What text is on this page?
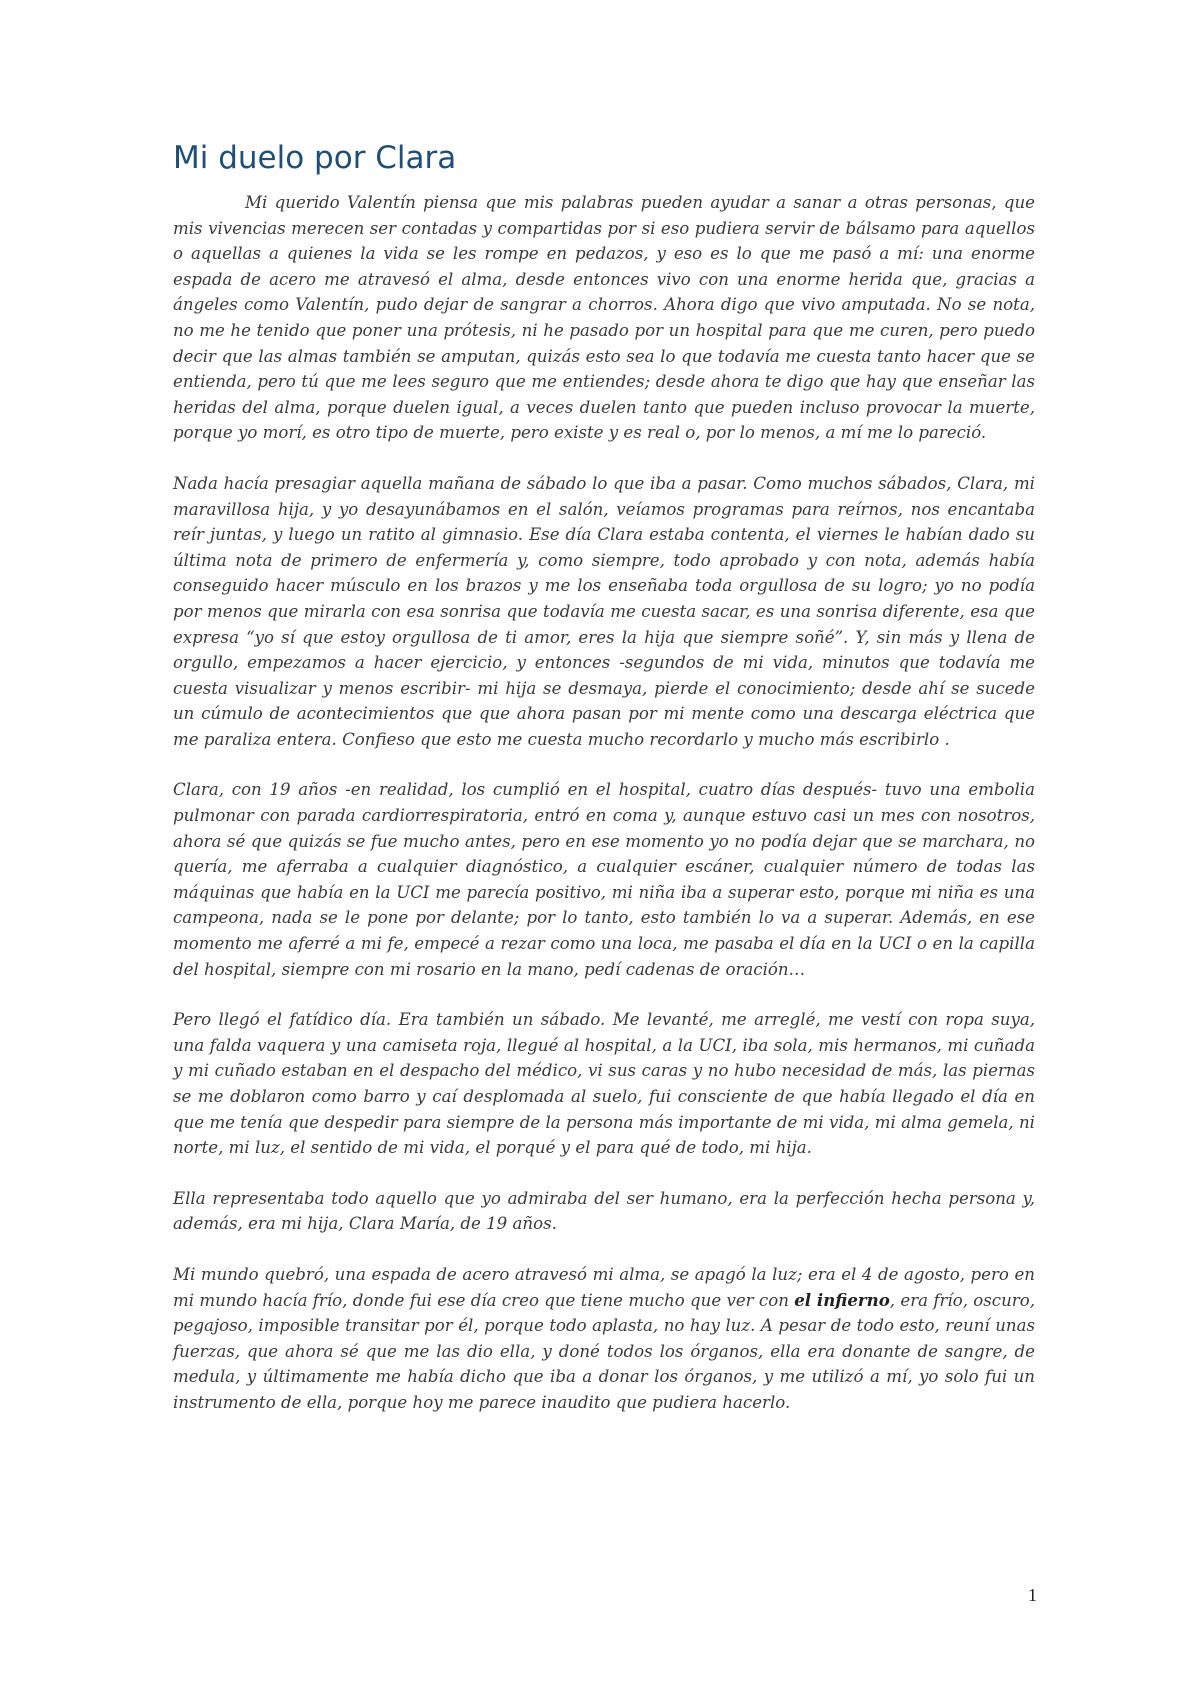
Mi duelo por Clara

Mi querido Valentín piensa que mis palabras pueden ayudar a sanar a otras personas, que mis vivencias merecen ser contadas y compartidas por si eso pudiera servir de bálsamo para aquellos o aquellas a quienes la vida se les rompe en pedazos, y eso es lo que me pasó a mí: una enorme espada de acero me atravesó el alma, desde entonces vivo con una enorme herida que, gracias a ángeles como Valentín, pudo dejar de sangrar a chorros. Ahora digo que vivo amputada. No se nota, no me he tenido que poner una prótesis, ni he pasado por un hospital para que me curen, pero puedo decir que las almas también se amputan, quizás esto sea lo que todavía me cuesta tanto hacer que se entienda, pero tú que me lees seguro que me entiendes; desde ahora te digo que hay que enseñar las heridas del alma, porque duelen igual, a veces duelen tanto que pueden incluso provocar la muerte, porque yo morí, es otro tipo de muerte, pero existe y es real o, por lo menos, a mí me lo pareció.

Nada hacía presagiar aquella mañana de sábado lo que iba a pasar. Como muchos sábados, Clara, mi maravillosa hija, y yo desayunábamos en el salón, veíamos programas para reírnos, nos encantaba reír juntas, y luego un ratito al gimnasio. Ese día Clara estaba contenta, el viernes le habían dado su última nota de primero de enfermería y, como siempre, todo aprobado y con nota, además había conseguido hacer músculo en los brazos y me los enseñaba toda orgullosa de su logro; yo no podía por menos que mirarla con esa sonrisa que todavía me cuesta sacar, es una sonrisa diferente, esa que expresa “yo sí que estoy orgullosa de ti amor, eres la hija que siempre soñé”. Y, sin más y llena de orgullo, empezamos a hacer ejercicio, y entonces -segundos de mi vida, minutos que todavía me cuesta visualizar y menos escribir- mi hija se desmaya, pierde el conocimiento; desde ahí se sucede un cúmulo de acontecimientos que que ahora pasan por mi mente como una descarga eléctrica que me paraliza entera. Confieso que esto me cuesta mucho recordarlo y mucho más escribirlo .

Clara, con 19 años -en realidad, los cumplió en el hospital, cuatro días después- tuvo una embolia pulmonar con parada cardiorrespiratoria, entró en coma y, aunque estuvo casi un mes con nosotros, ahora sé que quizás se fue mucho antes, pero en ese momento yo no podía dejar que se marchara, no quería, me aferraba a cualquier diagnóstico, a cualquier escáner, cualquier número de todas las máquinas que había en la UCI me parecía positivo, mi niña iba a superar esto, porque mi niña es una campeona, nada se le pone por delante; por lo tanto, esto también lo va a superar. Además, en ese momento me aferré a mi fe, empecé a rezar como una loca, me pasaba el día en la UCI o en la capilla del hospital, siempre con mi rosario en la mano, pedí cadenas de oración…

Pero llegó el fatídico día. Era también un sábado. Me levanté, me arreglé, me vestí con ropa suya, una falda vaquera y una camiseta roja, llegué al hospital, a la UCI, iba sola, mis hermanos, mi cuñada y mi cuñado estaban en el despacho del médico, vi sus caras y no hubo necesidad de más, las piernas se me doblaron como barro y caí desplomada al suelo, fui consciente de que había llegado el día en que me tenía que despedir para siempre de la persona más importante de mi vida, mi alma gemela, ni norte, mi luz, el sentido de mi vida, el porqué y el para qué de todo, mi hija.

Ella representaba todo aquello que yo admiraba del ser humano, era la perfección hecha persona y, además, era mi hija, Clara María, de 19 años.

Mi mundo quebró, una espada de acero atravesó mi alma, se apagó la luz; era el 4 de agosto, pero en mi mundo hacía frío, donde fui ese día creo que tiene mucho que ver con el infierno, era frío, oscuro, pegajoso, imposible transitar por él, porque todo aplasta, no hay luz. A pesar de todo esto, reuní unas fuerzas, que ahora sé que me las dio ella, y doné todos los órganos, ella era donante de sangre, de medula, y últimamente me había dicho que iba a donar los órganos, y me utilizó a mí, yo solo fui un instrumento de ella, porque hoy me parece inaudito que pudiera hacerlo.

1
